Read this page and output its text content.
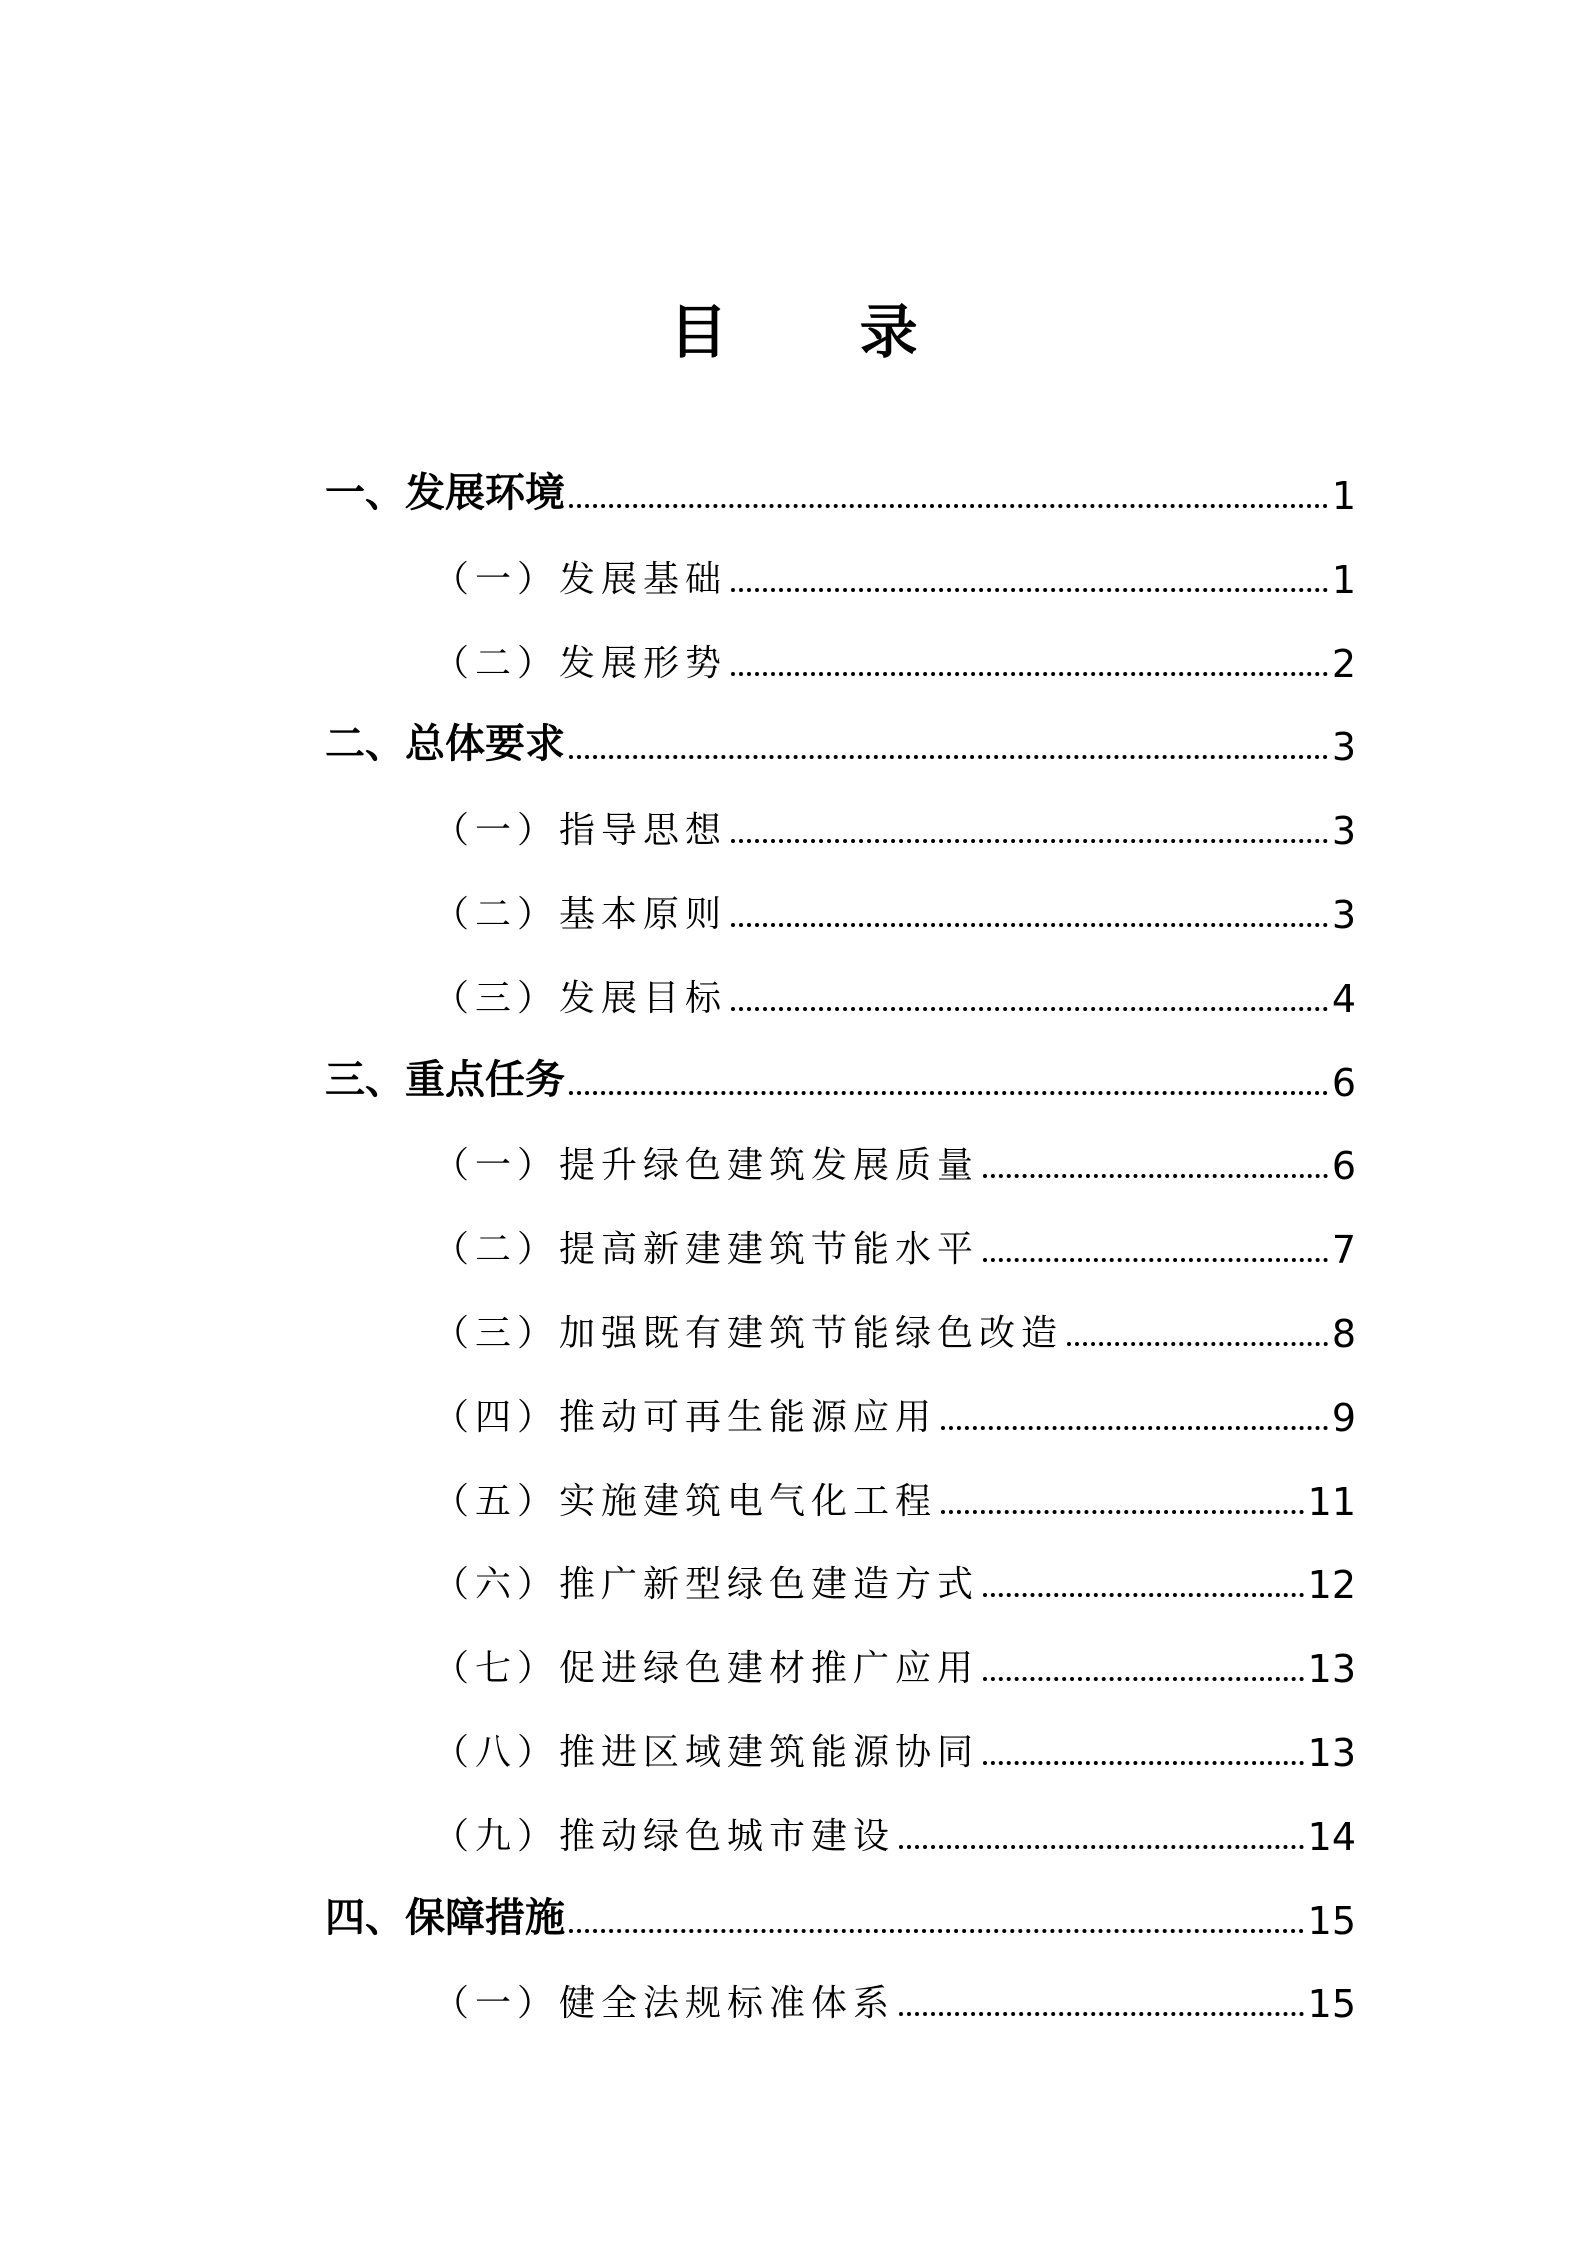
目 录
一、发展环境	1
（一）发展基础	1
（二）发展形势	2
二、总体要求	3
（一）指导思想	3
（二）基本原则	3
（三）发展目标	4
三、重点任务	6
（一）提升绿色建筑发展质量	6
（二）提高新建建筑节能水平	7
（三）加强既有建筑节能绿色改造	8
（四）推动可再生能源应用	9
（五）实施建筑电气化工程	11
（六）推广新型绿色建造方式	12
（七）促进绿色建材推广应用	13
（八）推进区域建筑能源协同	13
（九）推动绿色城市建设	14
四、保障措施	15
（一）健全法规标准体系	15
